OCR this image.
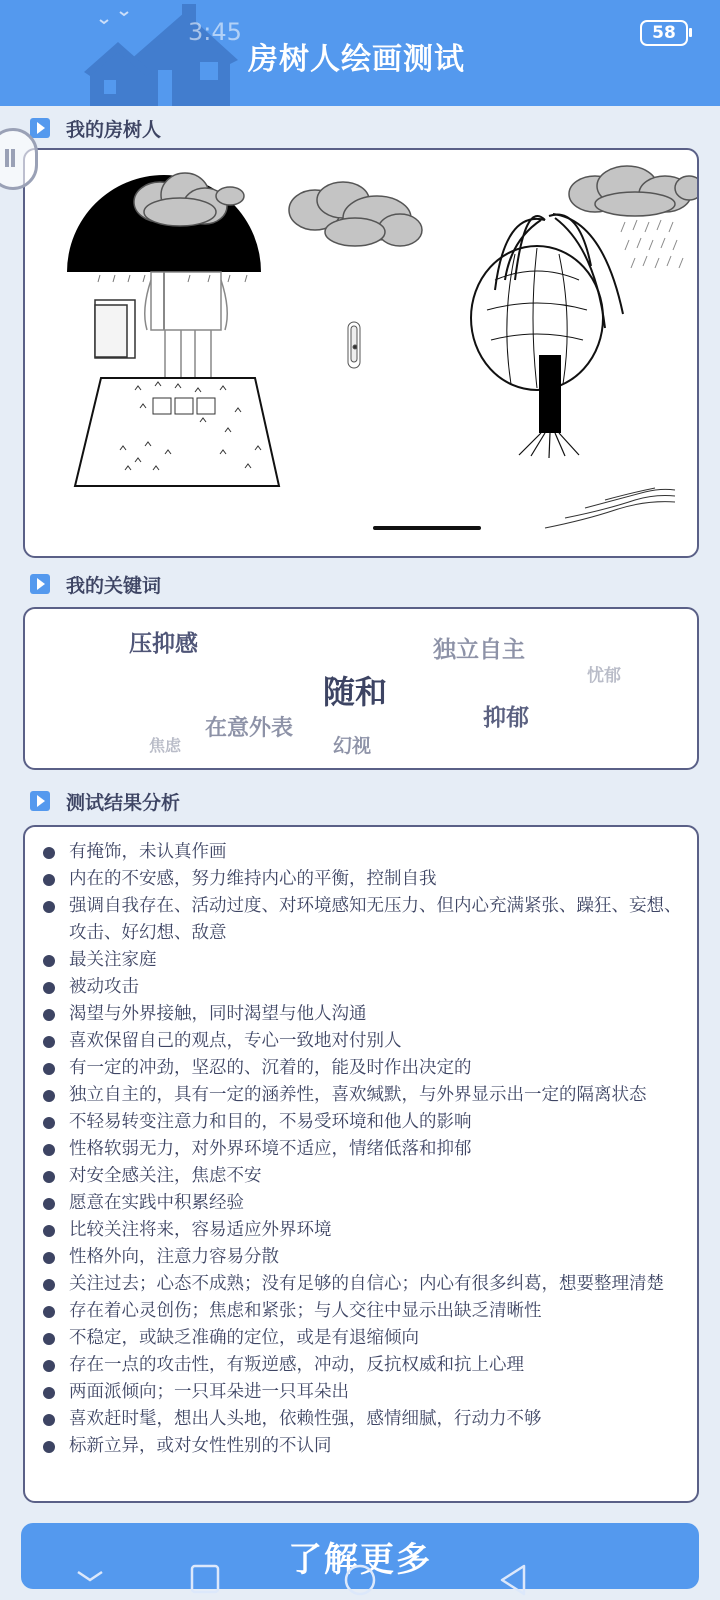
3:45
房树人绘画测试
58
我的房树人
我的关键词
压抑感	独立自主
忧郁
随和
抑郁
在意外表
焦虑	幻视
测试结果分析
有掩饰，未认真作画
内在的不安感，努力维持内心的平衡，控制自我
强调自我存在、活动过度、对环境感知无压力、但内心充满紧张、躁狂、妄想、攻击、好幻想、敌意
最关注家庭
被动攻击
渴望与外界接触，同时渴望与他人沟通
喜欢保留自己的观点，专心一致地对付别人
有一定的冲劲，坚忍的、沉着的，能及时作出决定的
独立自主的，具有一定的涵养性，喜欢缄默，与外界显示出一定的隔离状态
不轻易转变注意力和目的，不易受环境和他人的影响
性格软弱无力，对外界环境不适应，情绪低落和抑郁
对安全感关注，焦虑不安
愿意在实践中积累经验
比较关注将来，容易适应外界环境
性格外向，注意力容易分散
关注过去；心态不成熟；没有足够的自信心；内心有很多纠葛，想要整理清楚
存在着心灵创伤；焦虑和紧张；与人交往中显示出缺乏清晰性
不稳定，或缺乏准确的定位，或是有退缩倾向
存在一点的攻击性，有叛逆感，冲动，反抗权威和抗上心理
两面派倾向；一只耳朵进一只耳朵出
喜欢赶时髦，想出人头地，依赖性强，感情细腻，行动力不够
标新立异，或对女性性别的不认同
了解更多
